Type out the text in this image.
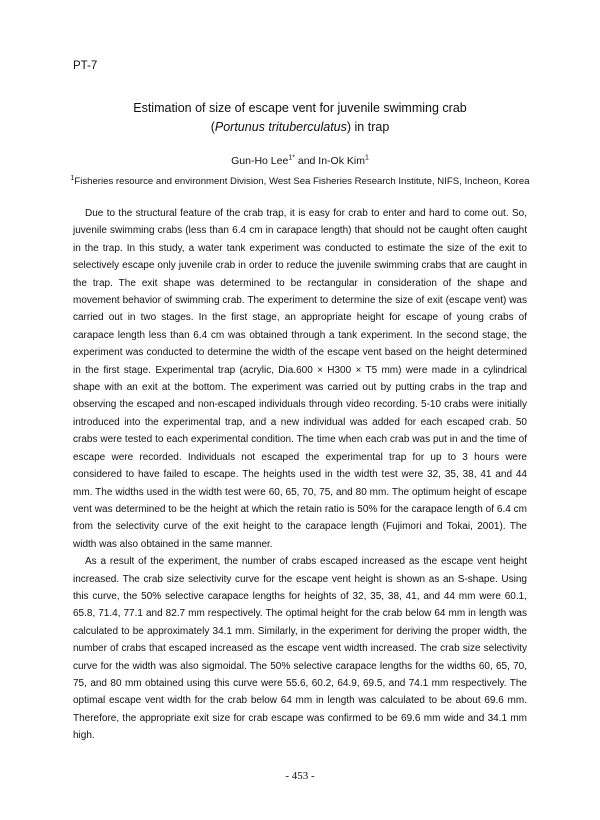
PT-7
Estimation of size of escape vent for juvenile swimming crab
(Portunus trituberculatus) in trap
Gun-Ho Lee$^{1*}$ and In-Ok Kim$^1$
$^1$Fisheries resource and environment Division, West Sea Fisheries Research Institute, NIFS, Incheon, Korea

Due to the structural feature of the crab trap, it is easy for crab to enter and hard to come out. So, juvenile swimming crabs (less than 6.4 cm in carapace length) that should not be caught often caught in the trap. In this study, a water tank experiment was conducted to estimate the size of the exit to selectively escape only juvenile crab in order to reduce the juvenile swimming crabs that are caught in the trap. The exit shape was determined to be rectangular in consideration of the shape and movement behavior of swimming crab. The experiment to determine the size of exit (escape vent) was carried out in two stages. In the first stage, an appropriate height for escape of young crabs of carapace length less than 6.4 cm was obtained through a tank experiment. In the second stage, the experiment was conducted to determine the width of the escape vent based on the height determined in the first stage. Experimental trap (acrylic, Dia.600 × H300 × T5 mm) were made in a cylindrical shape with an exit at the bottom. The experiment was carried out by putting crabs in the trap and observing the escaped and non-escaped individuals through video recording. 5-10 crabs were initially introduced into the experimental trap, and a new individual was added for each escaped crab. 50 crabs were tested to each experimental condition. The time when each crab was put in and the time of escape were recorded. Individuals not escaped the experimental trap for up to 3 hours were considered to have failed to escape. The heights used in the width test were 32, 35, 38, 41 and 44 mm. The widths used in the width test were 60, 65, 70, 75, and 80 mm. The optimum height of escape vent was determined to be the height at which the retain ratio is 50% for the carapace length of 6.4 cm from the selectivity curve of the exit height to the carapace length (Fujimori and Tokai, 2001). The width was also obtained in the same manner.

As a result of the experiment, the number of crabs escaped increased as the escape vent height increased. The crab size selectivity curve for the escape vent height is shown as an S-shape. Using this curve, the 50% selective carapace lengths for heights of 32, 35, 38, 41, and 44 mm were 60.1, 65.8, 71.4, 77.1 and 82.7 mm respectively. The optimal height for the crab below 64 mm in length was calculated to be approximately 34.1 mm. Similarly, in the experiment for deriving the proper width, the number of crabs that escaped increased as the escape vent width increased. The crab size selectivity curve for the width was also sigmoidal. The 50% selective carapace lengths for the widths 60, 65, 70, 75, and 80 mm obtained using this curve were 55.6, 60.2, 64.9, 69.5, and 74.1 mm respectively. The optimal escape vent width for the crab below 64 mm in length was calculated to be about 69.6 mm. Therefore, the appropriate exit size for crab escape was confirmed to be 69.6 mm wide and 34.1 mm high.

- 453 -
